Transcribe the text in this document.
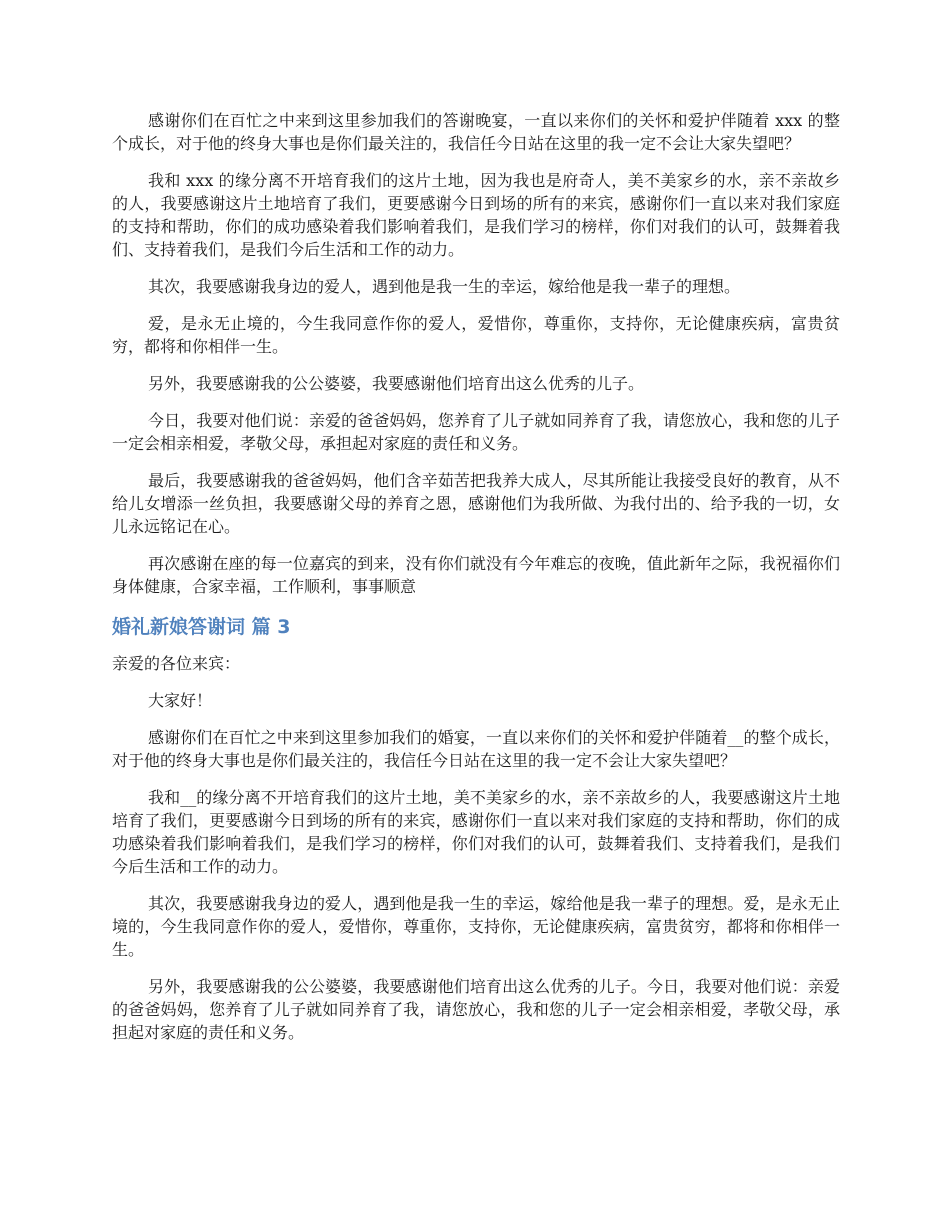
感谢你们在百忙之中来到这里参加我们的答谢晚宴，一直以来你们的关怀和爱护伴随着 xxx 的整个成长，对于他的终身大事也是你们最关注的，我信任今日站在这里的我一定不会让大家失望吧？

我和 xxx 的缘分离不开培育我们的这片土地，因为我也是府奇人，美不美家乡的水，亲不亲故乡的人，我要感谢这片土地培育了我们，更要感谢今日到场的所有的来宾，感谢你们一直以来对我们家庭的支持和帮助，你们的成功感染着我们影响着我们，是我们学习的榜样，你们对我们的认可，鼓舞着我们、支持着我们，是我们今后生活和工作的动力。

其次，我要感谢我身边的爱人，遇到他是我一生的幸运，嫁给他是我一辈子的理想。

爱，是永无止境的，今生我同意作你的爱人，爱惜你，尊重你，支持你，无论健康疾病，富贵贫穷，都将和你相伴一生。

另外，我要感谢我的公公婆婆，我要感谢他们培育出这么优秀的儿子。

今日，我要对他们说：亲爱的爸爸妈妈，您养育了儿子就如同养育了我，请您放心，我和您的儿子一定会相亲相爱，孝敬父母，承担起对家庭的责任和义务。

最后，我要感谢我的爸爸妈妈，他们含辛茹苦把我养大成人，尽其所能让我接受良好的教育，从不给儿女增添一丝负担，我要感谢父母的养育之恩，感谢他们为我所做、为我付出的、给予我的一切，女儿永远铭记在心。

再次感谢在座的每一位嘉宾的到来，没有你们就没有今年难忘的夜晚，值此新年之际，我祝福你们身体健康，合家幸福，工作顺利，事事顺意

婚礼新娘答谢词 篇 3

亲爱的各位来宾：

大家好！

感谢你们在百忙之中来到这里参加我们的婚宴，一直以来你们的关怀和爱护伴随着__的整个成长，对于他的终身大事也是你们最关注的，我信任今日站在这里的我一定不会让大家失望吧？

我和__的缘分离不开培育我们的这片土地，美不美家乡的水，亲不亲故乡的人，我要感谢这片土地培育了我们，更要感谢今日到场的所有的来宾，感谢你们一直以来对我们家庭的支持和帮助，你们的成功感染着我们影响着我们，是我们学习的榜样，你们对我们的认可，鼓舞着我们、支持着我们，是我们今后生活和工作的动力。

其次，我要感谢我身边的爱人，遇到他是我一生的幸运，嫁给他是我一辈子的理想。爱，是永无止境的，今生我同意作你的爱人，爱惜你，尊重你，支持你，无论健康疾病，富贵贫穷，都将和你相伴一生。

另外，我要感谢我的公公婆婆，我要感谢他们培育出这么优秀的儿子。今日，我要对他们说：亲爱的爸爸妈妈，您养育了儿子就如同养育了我，请您放心，我和您的儿子一定会相亲相爱，孝敬父母，承担起对家庭的责任和义务。
